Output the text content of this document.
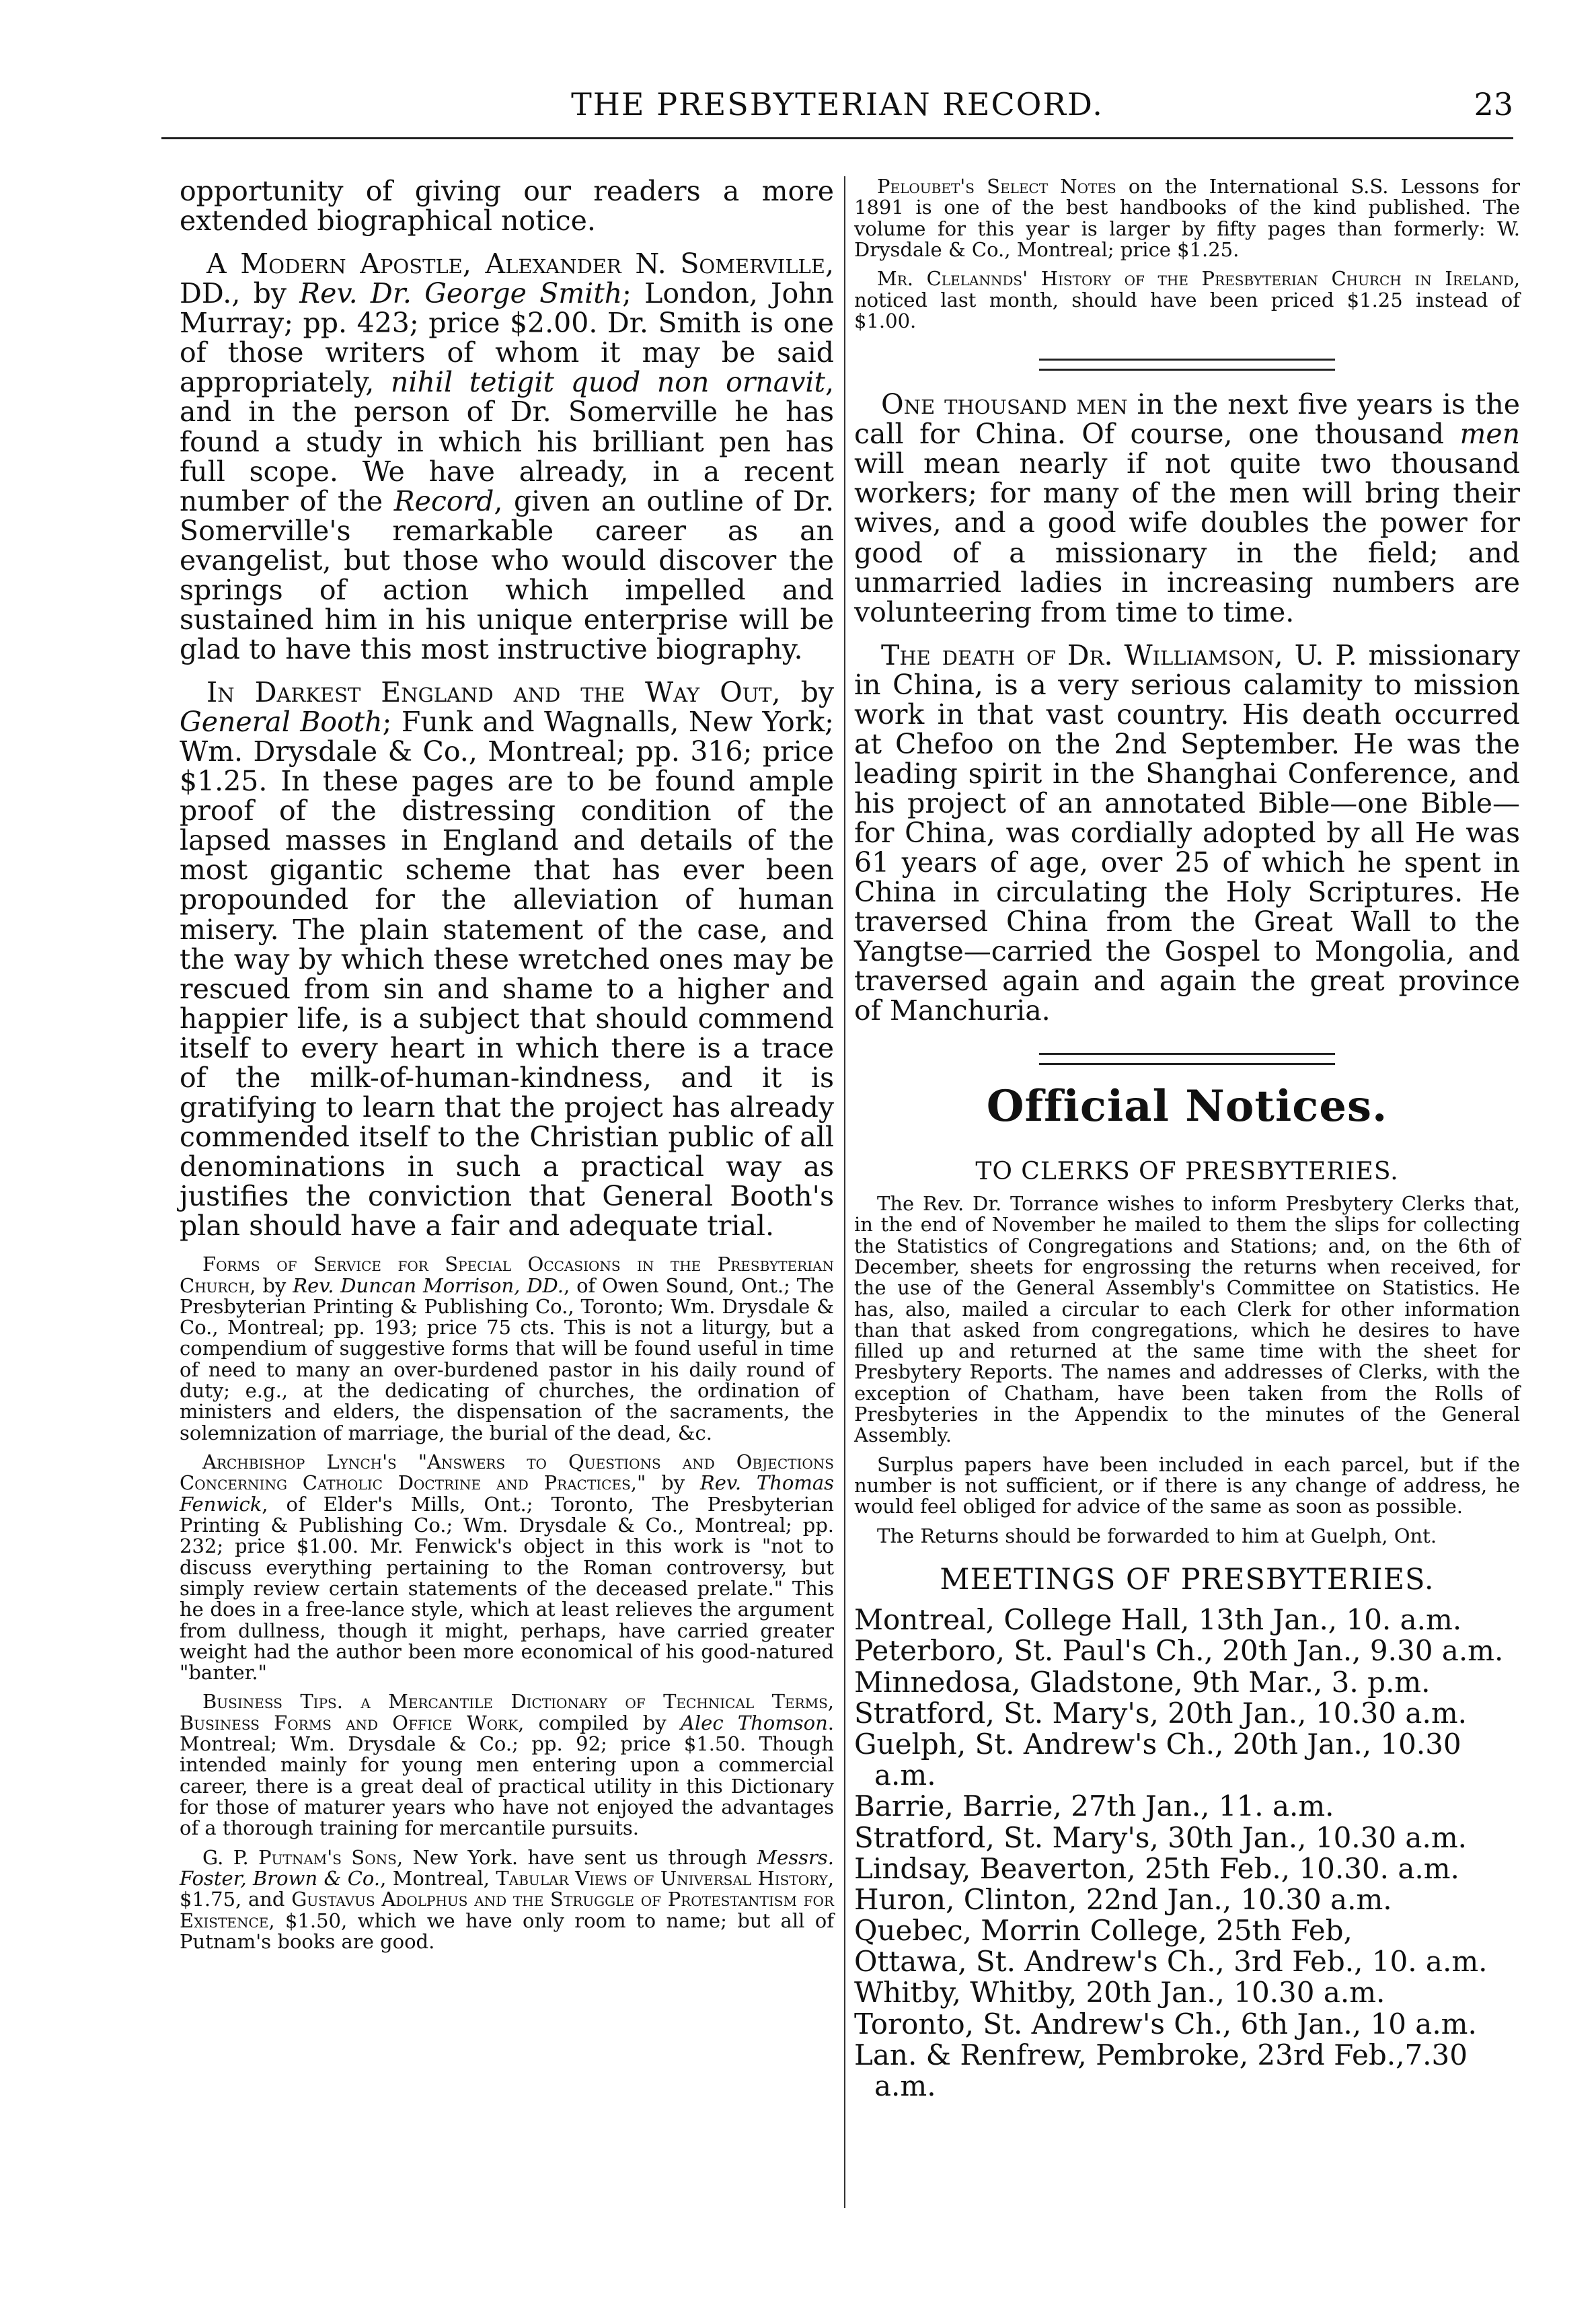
THE PRESBYTERIAN RECORD.	23

opportunity of giving our readers a more extended biographical notice.

A Modern Apostle, Alexander N. Somerville, DD., by Rev. Dr. George Smith; London, John Murray; pp. 423; price $2.00. Dr. Smith is one of those writers of whom it may be said appropriately, nihil tetigit quod non ornavit, and in the person of Dr. Somerville he has found a study in which his brilliant pen has full scope. We have already, in a recent number of the Record, given an outline of Dr. Somerville's remarkable career as an evangelist, but those who would discover the springs of action which impelled and sustained him in his unique enterprise will be glad to have this most instructive biography.

In Darkest England and the Way Out, by General Booth; Funk and Wagnalls, New York; Wm. Drysdale & Co., Montreal; pp. 316; price $1.25. In these pages are to be found ample proof of the distressing condition of the lapsed masses in England and details of the most gigantic scheme that has ever been propounded for the alleviation of human misery. The plain statement of the case, and the way by which these wretched ones may be rescued from sin and shame to a higher and happier life, is a subject that should commend itself to every heart in which there is a trace of the milk-of-human-kindness, and it is gratifying to learn that the project has already commended itself to the Christian public of all denominations in such a practical way as justifies the conviction that General Booth's plan should have a fair and adequate trial.

Forms of Service for Special Occasions in the Presbyterian Church, by Rev. Duncan Morrison, DD., of Owen Sound, Ont.; The Presbyterian Printing & Publishing Co., Toronto; Wm. Drysdale & Co., Montreal; pp. 193; price 75 cts. This is not a liturgy, but a compendium of suggestive forms that will be found useful in time of need to many an over-burdened pastor in his daily round of duty; e.g., at the dedicating of churches, the ordination of ministers and elders, the dispensation of the sacraments, the solemnization of marriage, the burial of the dead, &c.

Archbishop Lynch's "Answers to Questions and Objections Concerning Catholic Doctrine and Practices," by Rev. Thomas Fenwick, of Elder's Mills, Ont.; Toronto, The Presbyterian Printing & Publishing Co.; Wm. Drysdale & Co., Montreal; pp. 232; price $1.00. Mr. Fenwick's object in this work is "not to discuss everything pertaining to the Roman controversy, but simply review certain statements of the deceased prelate." This he does in a free-lance style, which at least relieves the argument from dullness, though it might, perhaps, have carried greater weight had the author been more economical of his good-natured "banter."

Business Tips. a Mercantile Dictionary of Technical Terms, Business Forms and Office Work, compiled by Alec Thomson. Montreal; Wm. Drysdale & Co.; pp. 92; price $1.50. Though intended mainly for young men entering upon a commercial career, there is a great deal of practical utility in this Dictionary for those of maturer years who have not enjoyed the advantages of a thorough training for mercantile pursuits.

G. P. Putnam's Sons, New York. have sent us through Messrs. Foster, Brown & Co., Montreal, Tabular Views of Universal History, $1.75, and Gustavus Adolphus and the Struggle of Protestantism for Existence, $1.50, which we have only room to name; but all of Putnam's books are good.

Peloubet's Select Notes on the International S.S. Lessons for 1891 is one of the best handbooks of the kind published. The volume for this year is larger by fifty pages than formerly: W. Drysdale & Co., Montreal; price $1.25.

Mr. Clelannds' History of the Presbyterian Church in Ireland, noticed last month, should have been priced $1.25 instead of $1.00.

One thousand men in the next five years is the call for China. Of course, one thousand men will mean nearly if not quite two thousand workers; for many of the men will bring their wives, and a good wife doubles the power for good of a missionary in the field; and unmarried ladies in increasing numbers are volunteering from time to time.

The death of Dr. Williamson, U. P. missionary in China, is a very serious calamity to mission work in that vast country. His death occurred at Chefoo on the 2nd September. He was the leading spirit in the Shanghai Conference, and his project of an annotated Bible—one Bible—for China, was cordially adopted by all He was 61 years of age, over 25 of which he spent in China in circulating the Holy Scriptures. He traversed China from the Great Wall to the Yangtse—carried the Gospel to Mongolia, and traversed again and again the great province of Manchuria.

Official Notices.
TO CLERKS OF PRESBYTERIES.

The Rev. Dr. Torrance wishes to inform Presbytery Clerks that, in the end of November he mailed to them the slips for collecting the Statistics of Congregations and Stations; and, on the 6th of December, sheets for engrossing the returns when received, for the use of the General Assembly's Committee on Statistics. He has, also, mailed a circular to each Clerk for other information than that asked from congregations, which he desires to have filled up and returned at the same time with the sheet for Presbytery Reports. The names and addresses of Clerks, with the exception of Chatham, have been taken from the Rolls of Presbyteries in the Appendix to the minutes of the General Assembly.

Surplus papers have been included in each parcel, but if the number is not sufficient, or if there is any change of address, he would feel obliged for advice of the same as soon as possible.

The Returns should be forwarded to him at Guelph, Ont.

MEETINGS OF PRESBYTERIES.

Montreal, College Hall, 13th Jan., 10. a.m.

Peterboro, St. Paul's Ch., 20th Jan., 9.30 a.m.

Minnedosa, Gladstone, 9th Mar., 3. p.m.

Stratford, St. Mary's, 20th Jan., 10.30 a.m.

Guelph, St. Andrew's Ch., 20th Jan., 10.30 a.m.

Barrie, Barrie, 27th Jan., 11. a.m.

Stratford, St. Mary's, 30th Jan., 10.30 a.m.

Lindsay, Beaverton, 25th Feb., 10.30. a.m.

Huron, Clinton, 22nd Jan., 10.30 a.m.

Quebec, Morrin College, 25th Feb,

Ottawa, St. Andrew's Ch., 3rd Feb., 10. a.m.

Whitby, Whitby, 20th Jan., 10.30 a.m.

Toronto, St. Andrew's Ch., 6th Jan., 10 a.m.

Lan. & Renfrew, Pembroke, 23rd Feb.,7.30 a.m.
